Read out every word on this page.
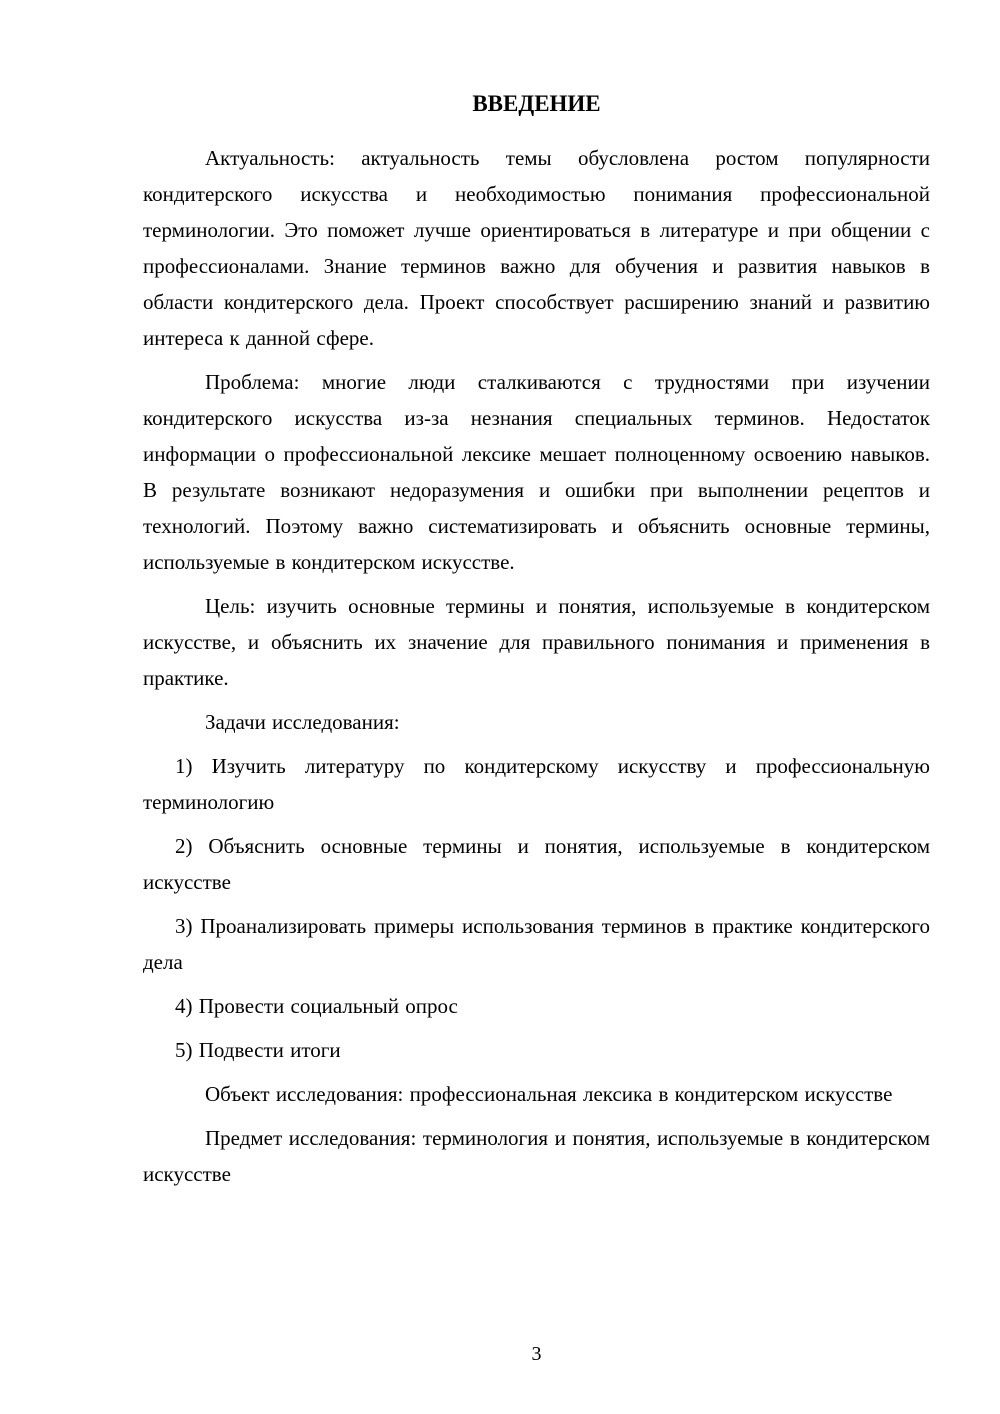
ВВЕДЕНИЕ

Актуальность: актуальность темы обусловлена ростом популярности кондитерского искусства и необходимостью понимания профессиональной терминологии. Это поможет лучше ориентироваться в литературе и при общении с профессионалами. Знание терминов важно для обучения и развития навыков в области кондитерского дела. Проект способствует расширению знаний и развитию интереса к данной сфере.

Проблема: многие люди сталкиваются с трудностями при изучении кондитерского искусства из-за незнания специальных терминов. Недостаток информации о профессиональной лексике мешает полноценному освоению навыков. В результате возникают недоразумения и ошибки при выполнении рецептов и технологий. Поэтому важно систематизировать и объяснить основные термины, используемые в кондитерском искусстве.

Цель: изучить основные термины и понятия, используемые в кондитерском искусстве, и объяснить их значение для правильного понимания и применения в практике.

Задачи исследования:

1) Изучить литературу по кондитерскому искусству и профессиональную терминологию

2) Объяснить основные термины и понятия, используемые в кондитерском искусстве

3) Проанализировать примеры использования терминов в практике кондитерского дела

4) Провести социальный опрос

5) Подвести итоги

Объект исследования: профессиональная лексика в кондитерском искусстве

Предмет исследования: терминология и понятия, используемые в кондитерском искусстве

3
